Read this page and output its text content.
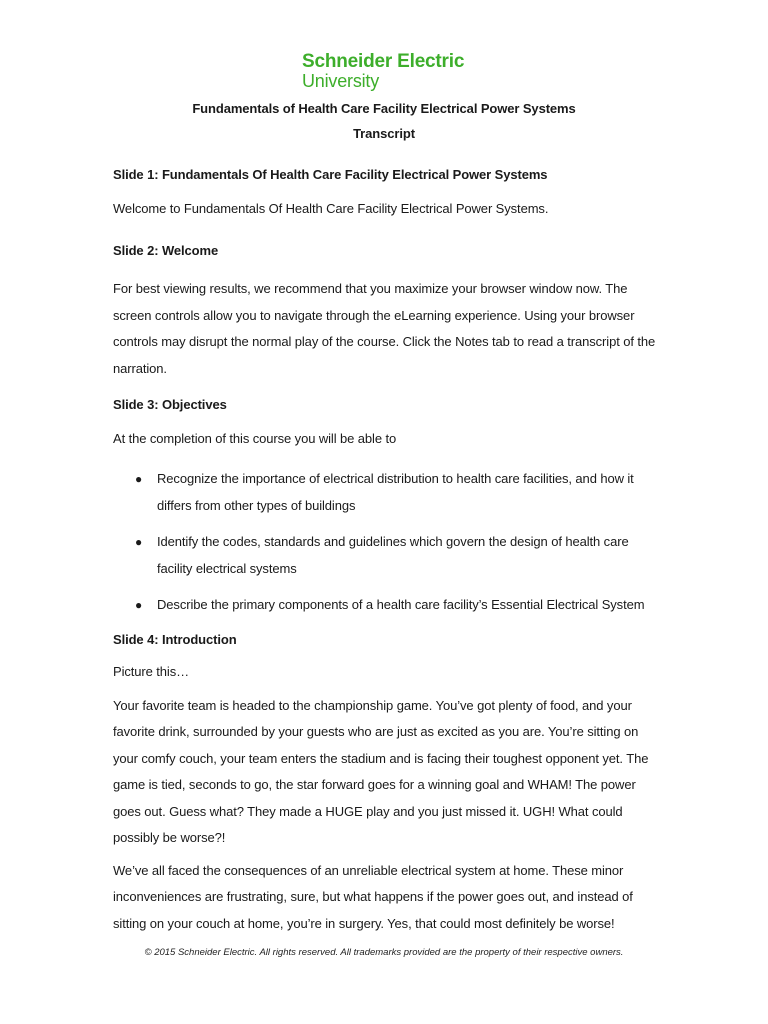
Schneider Electric
University
Fundamentals of Health Care Facility Electrical Power Systems
Transcript
Slide 1: Fundamentals Of Health Care Facility Electrical Power Systems

Welcome to Fundamentals Of Health Care Facility Electrical Power Systems.

Slide 2: Welcome

For best viewing results, we recommend that you maximize your browser window now. The screen controls allow you to navigate through the eLearning experience. Using your browser controls may disrupt the normal play of the course. Click the Notes tab to read a transcript of the narration.

Slide 3: Objectives

At the completion of this course you will be able to

● Recognize the importance of electrical distribution to health care facilities, and how it differs from other types of buildings
● Identify the codes, standards and guidelines which govern the design of health care facility electrical systems
● Describe the primary components of a health care facility’s Essential Electrical System
Slide 4: Introduction

Picture this…

Your favorite team is headed to the championship game. You’ve got plenty of food, and your favorite drink, surrounded by your guests who are just as excited as you are. You’re sitting on your comfy couch, your team enters the stadium and is facing their toughest opponent yet. The game is tied, seconds to go, the star forward goes for a winning goal and WHAM! The power goes out. Guess what? They made a HUGE play and you just missed it. UGH! What could possibly be worse?!

We’ve all faced the consequences of an unreliable electrical system at home. These minor inconveniences are frustrating, sure, but what happens if the power goes out, and instead of sitting on your couch at home, you’re in surgery. Yes, that could most definitely be worse!

© 2015 Schneider Electric. All rights reserved. All trademarks provided are the property of their respective owners.
